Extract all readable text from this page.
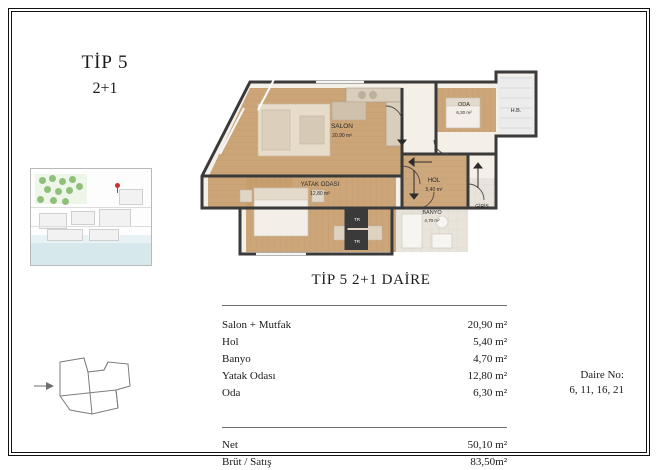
TİP 5
2+1
SALON
20,90 m²
ODA
6,30 m²	H.B.
YATAK ODASI
12,80 m²
HOL
5,40 m²
BANYO
4,70 m²
GİRİŞ
TR
TR
TİP 5 2+1 DAİRE
Salon + Mutfak	20,90 m²
Hol	5,40 m²
Banyo	4,70 m²
Yatak Odası	12,80 m²
Oda	6,30 m²
Net	50,10 m²
Brüt / Satış	83,50m²
Daire No:
6, 11, 16, 21
